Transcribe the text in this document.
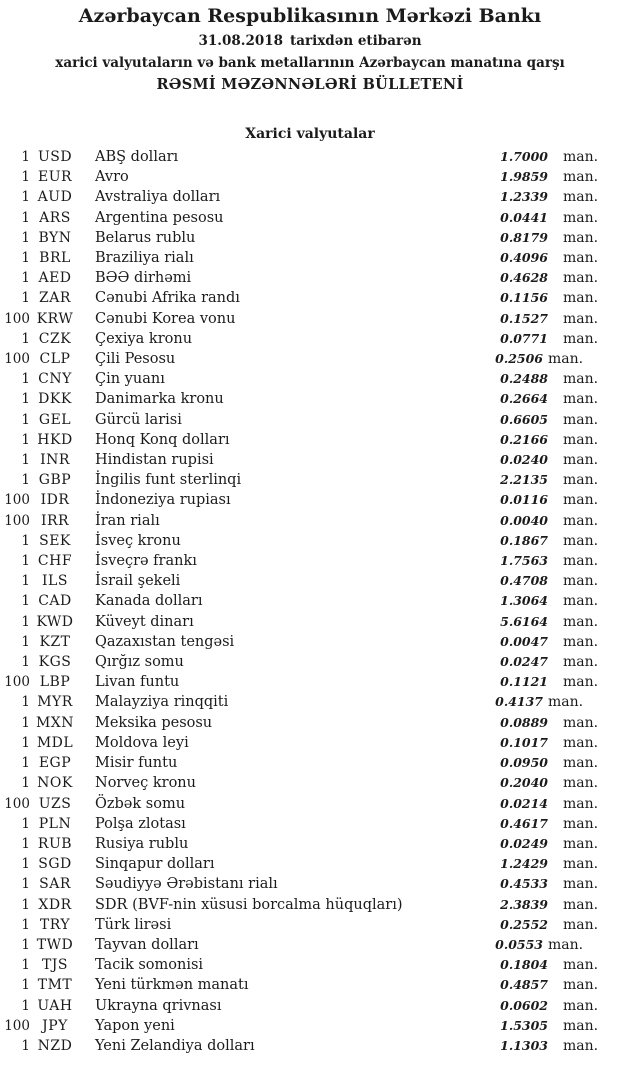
Azərbaycan Respublikasının Mərkəzi Bankı
31.08.2018 tarixdən etibarən
xarici valyutaların və bank metallarının Azərbaycan manatına qarşı
RƏSMİ MƏZƏNNƏLƏRİ BÜLLETENİ
Xarici valyutalar
1 USD	ABŞ dolları	1.7000	man.
1 EUR	Avro	1.9859	man.
1 AUD	Avstraliya dolları	1.2339	man.
1 ARS	Argentina pesosu	0.0441	man.
1 BYN	Belarus rublu	0.8179	man.
1 BRL	Braziliya rialı	0.4096	man.
1 AED	BƏƏ dirhəmi	0.4628	man.
1 ZAR	Cənubi Afrika randı	0.1156	man.
100 KRW	Cənubi Korea vonu	0.1527	man.
1 CZK	Çexiya kronu	0.0771	man.
100 CLP	Çili Pesosu	0.2506 man.
1 CNY	Çin yuanı	0.2488	man.
1 DKK	Danimarka kronu	0.2664	man.
1 GEL	Gürcü larisi	0.6605	man.
1 HKD	Honq Konq dolları	0.2166	man.
1 INR	Hindistan rupisi	0.0240	man.
1 GBP	İngilis funt sterlinqi	2.2135	man.
100 IDR	İndoneziya rupiası	0.0116	man.
100 IRR	İran rialı	0.0040	man.
1 SEK	İsveç kronu	0.1867	man.
1 CHF	İsveçrə frankı	1.7563	man.
1 ILS	İsrail şekeli	0.4708	man.
1 CAD	Kanada dolları	1.3064	man.
1 KWD	Küveyt dinarı	5.6164	man.
1 KZT	Qazaxıstan tengəsi	0.0047	man.
1 KGS	Qırğız somu	0.0247	man.
100 LBP	Livan funtu	0.1121	man.
1 MYR	Malayziya rinqqiti	0.4137 man.
1 MXN	Meksika pesosu	0.0889	man.
1 MDL	Moldova leyi	0.1017	man.
1 EGP	Misir funtu	0.0950	man.
1 NOK	Norveç kronu	0.2040	man.
100 UZS	Özbək somu	0.0214	man.
1 PLN	Polşa zlotası	0.4617	man.
1 RUB	Rusiya rublu	0.0249	man.
1 SGD	Sinqapur dolları	1.2429	man.
1 SAR	Səudiyyə Ərəbistanı rialı	0.4533	man.
1 XDR	SDR (BVF-nin xüsusi borcalma hüquqları)	2.3839	man.
1 TRY	Türk lirəsi	0.2552	man.
1 TWD	Tayvan dolları	0.0553 man.
1 TJS	Tacik somonisi	0.1804	man.
1 TMT	Yeni türkmən manatı	0.4857	man.
1 UAH	Ukrayna qrivnası	0.0602	man.
100 JPY	Yapon yeni	1.5305	man.
1 NZD	Yeni Zelandiya dolları	1.1303	man.
